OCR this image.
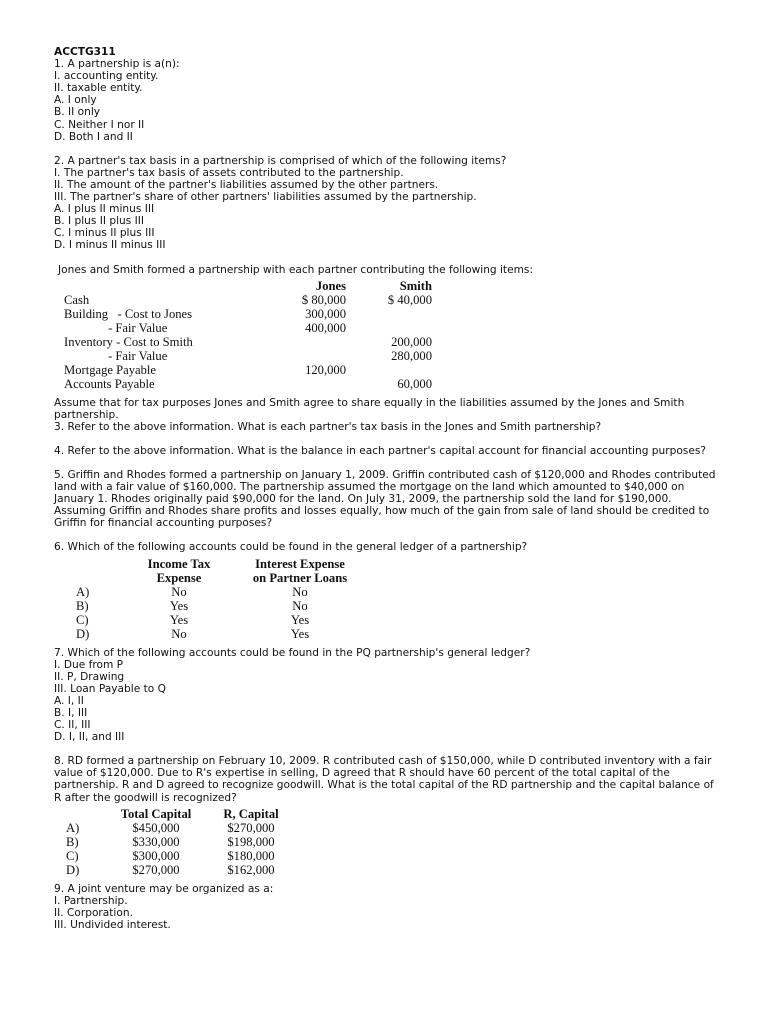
ACCTG311
1. A partnership is a(n):
I. accounting entity.
II. taxable entity.
A. I only
B. II only
C. Neither I nor II
D. Both I and II
2. A partner's tax basis in a partnership is comprised of which of the following items?
I. The partner's tax basis of assets contributed to the partnership.
II. The amount of the partner's liabilities assumed by the other partners.
III. The partner's share of other partners' liabilities assumed by the partnership.
A. I plus II minus III
B. I plus II plus III
C. I minus II plus III
D. I minus II minus III
Jones and Smith formed a partnership with each partner contributing the following items:
	Jones	Smith
Cash	$ 80,000	$ 40,000
Building   - Cost to Jones	300,000	
- Fair Value	400,000	
Inventory - Cost to Smith		200,000
- Fair Value		280,000
Mortgage Payable	120,000	
Accounts Payable		60,000
Assume that for tax purposes Jones and Smith agree to share equally in the liabilities assumed by the Jones and Smith partnership.
3. Refer to the above information. What is each partner's tax basis in the Jones and Smith partnership?
4. Refer to the above information. What is the balance in each partner's capital account for financial accounting purposes?
5. Griffin and Rhodes formed a partnership on January 1, 2009. Griffin contributed cash of $120,000 and Rhodes contributed land with a fair value of $160,000. The partnership assumed the mortgage on the land which amounted to $40,000 on January 1. Rhodes originally paid $90,000 for the land. On July 31, 2009, the partnership sold the land for $190,000. Assuming Griffin and Rhodes share profits and losses equally, how much of the gain from sale of land should be credited to Griffin for financial accounting purposes?
6. Which of the following accounts could be found in the general ledger of a partnership?
	Income Tax	Interest Expense
	Expense	on Partner Loans
A)	No	No
B)	Yes	No
C)	Yes	Yes
D)	No	Yes
7. Which of the following accounts could be found in the PQ partnership's general ledger?
I. Due from P
II. P, Drawing
III. Loan Payable to Q
A. I, II
B. I, III
C. II, III
D. I, II, and III
8. RD formed a partnership on February 10, 2009. R contributed cash of $150,000, while D contributed inventory with a fair value of $120,000. Due to R's expertise in selling, D agreed that R should have 60 percent of the total capital of the partnership. R and D agreed to recognize goodwill. What is the total capital of the RD partnership and the capital balance of R after the goodwill is recognized?
	Total Capital	R, Capital
A)	$450,000	$270,000
B)	$330,000	$198,000
C)	$300,000	$180,000
D)	$270,000	$162,000
9. A joint venture may be organized as a:
I. Partnership.
II. Corporation.
III. Undivided interest.
